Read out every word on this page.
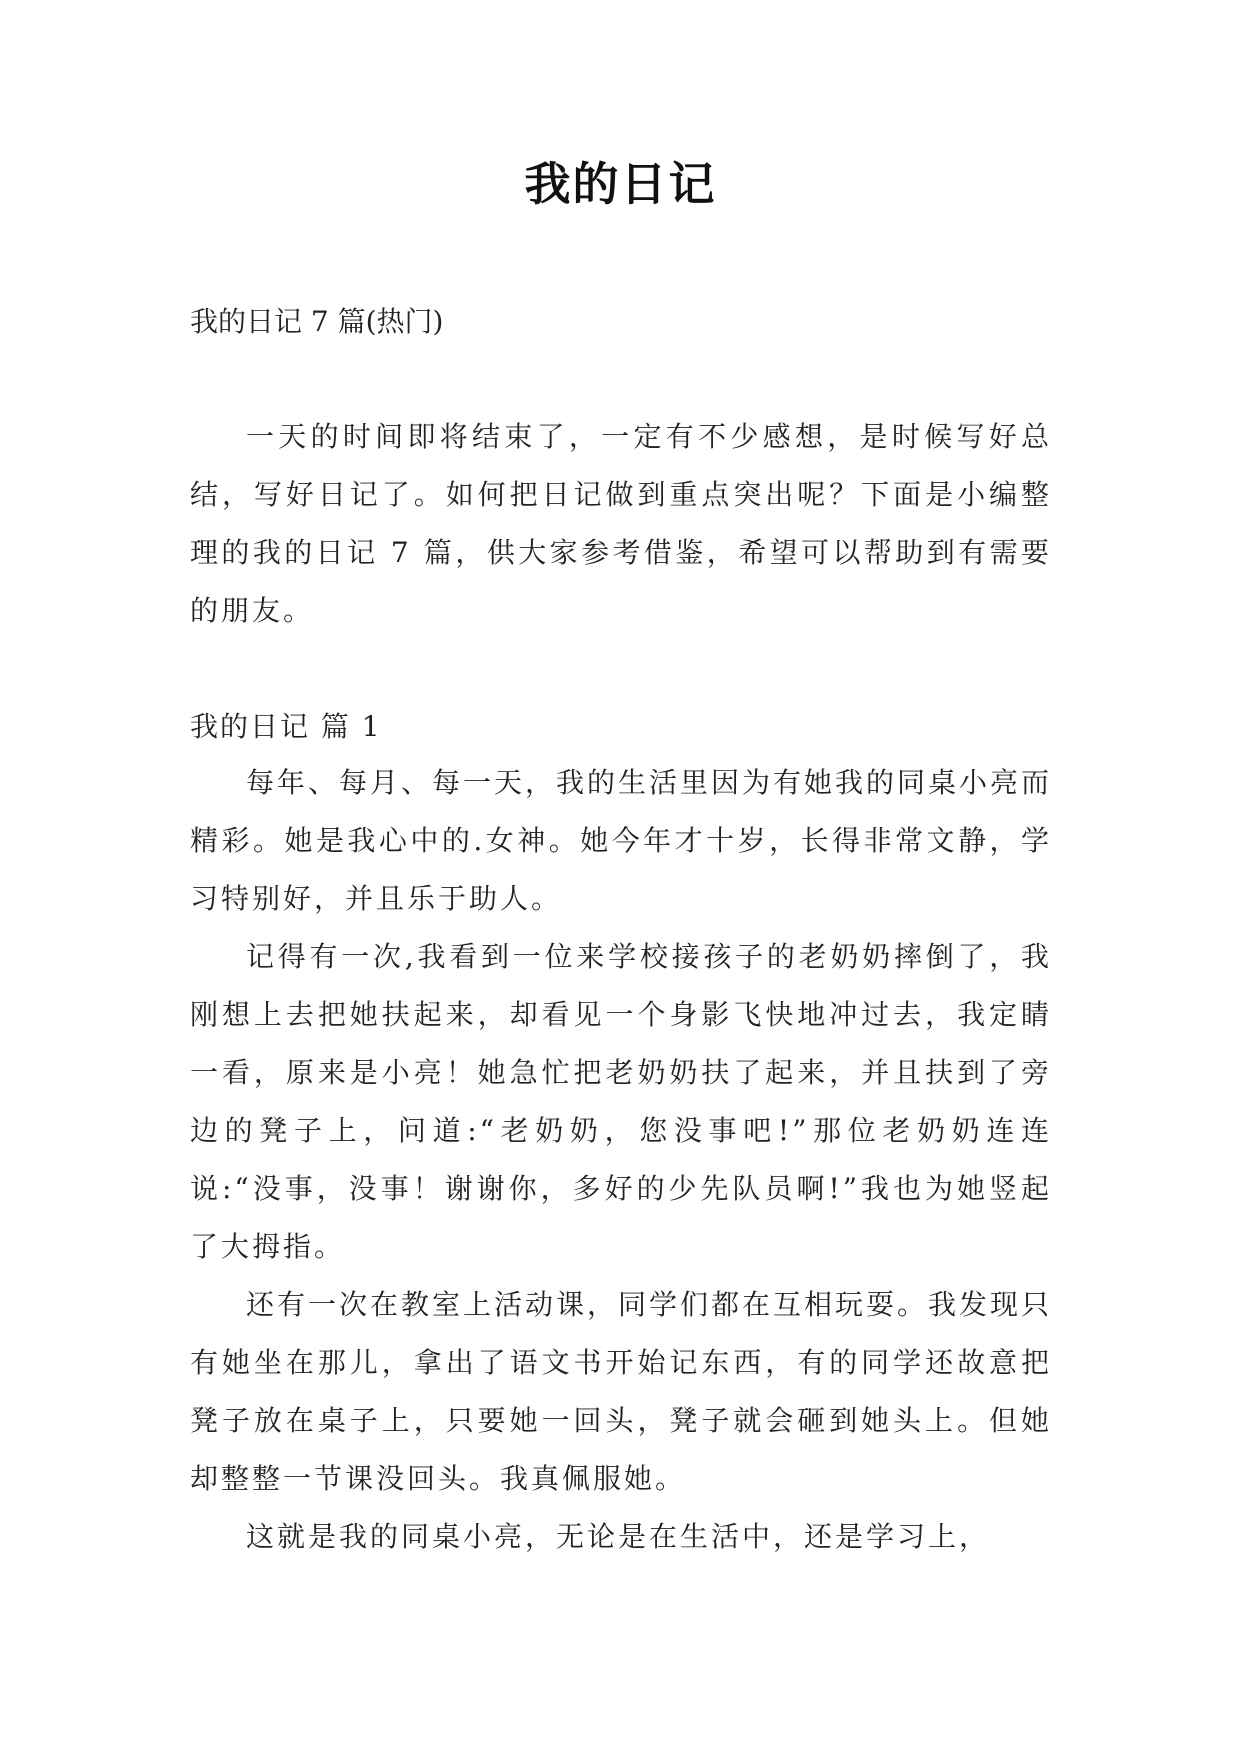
我的日记

我的日记 7 篇(热门)

一天的时间即将结束了，一定有不少感想，是时候写好总结，写好日记了。如何把日记做到重点突出呢？下面是小编整理的我的日记 7 篇，供大家参考借鉴，希望可以帮助到有需要的朋友。

我的日记 篇 1

每年、每月、每一天，我的生活里因为有她我的同桌小亮而精彩。她是我心中的.女神。她今年才十岁，长得非常文静，学习特别好，并且乐于助人。

记得有一次,我看到一位来学校接孩子的老奶奶摔倒了，我刚想上去把她扶起来，却看见一个身影飞快地冲过去，我定睛一看，原来是小亮！她急忙把老奶奶扶了起来，并且扶到了旁边的凳子上，问道:“老奶奶，您没事吧!”那位老奶奶连连说:“没事，没事！谢谢你，多好的少先队员啊!”我也为她竖起了大拇指。

还有一次在教室上活动课，同学们都在互相玩耍。我发现只有她坐在那儿，拿出了语文书开始记东西，有的同学还故意把凳子放在桌子上，只要她一回头，凳子就会砸到她头上。但她却整整一节课没回头。我真佩服她。

这就是我的同桌小亮，无论是在生活中，还是学习上，
